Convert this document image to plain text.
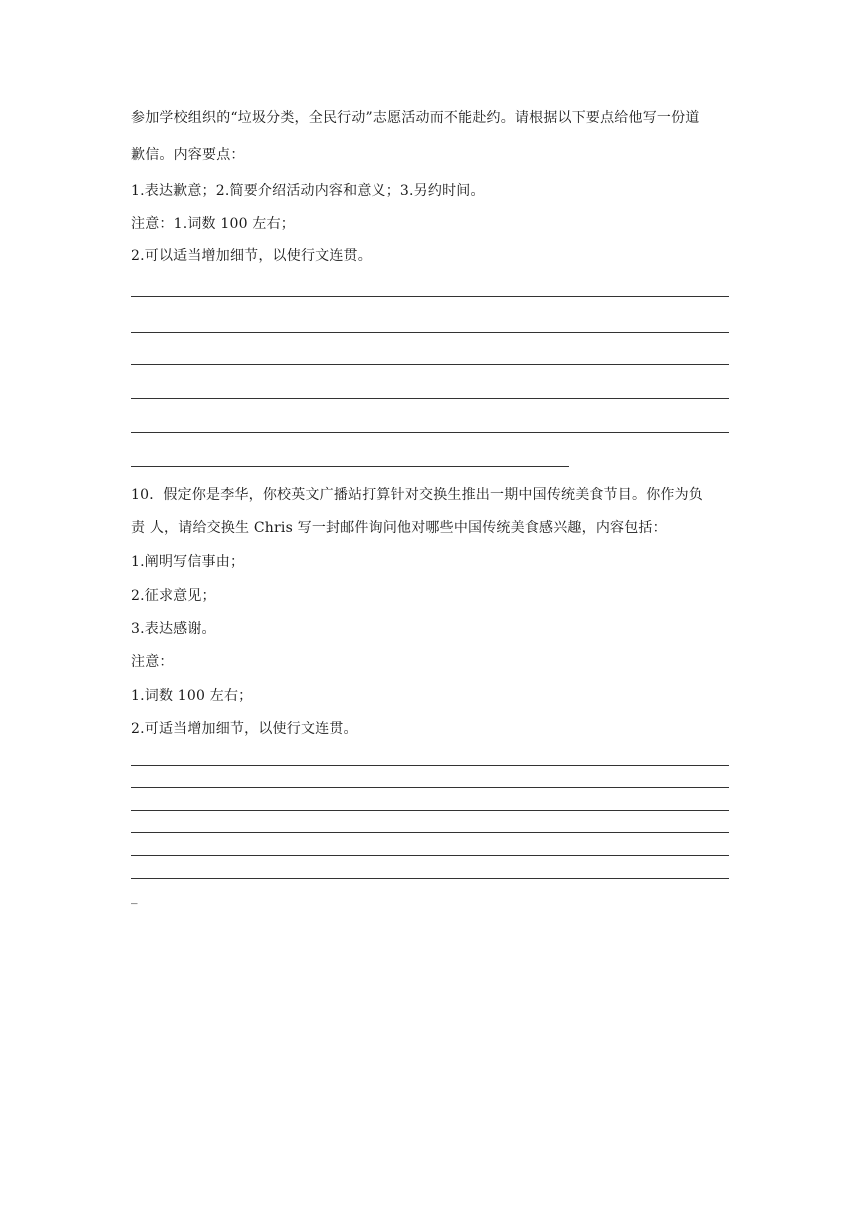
参加学校组织的“垃圾分类，全民行动”志愿活动而不能赴约。请根据以下要点给他写一份道
歉信。内容要点：
1.表达歉意；2.简要介绍活动内容和意义；3.另约时间。
注意：1.词数 100 左右；
2.可以适当增加细节，以使行文连贯。
10．假定你是李华，你校英文广播站打算针对交换生推出一期中国传统美食节目。你作为负
责 人，请给交换生 Chris 写一封邮件询问他对哪些中国传统美食感兴趣，内容包括：
1.阐明写信事由；
2.征求意见；
3.表达感谢。
注意：
1.词数 100 左右；
2.可适当增加细节，以使行文连贯。
_
